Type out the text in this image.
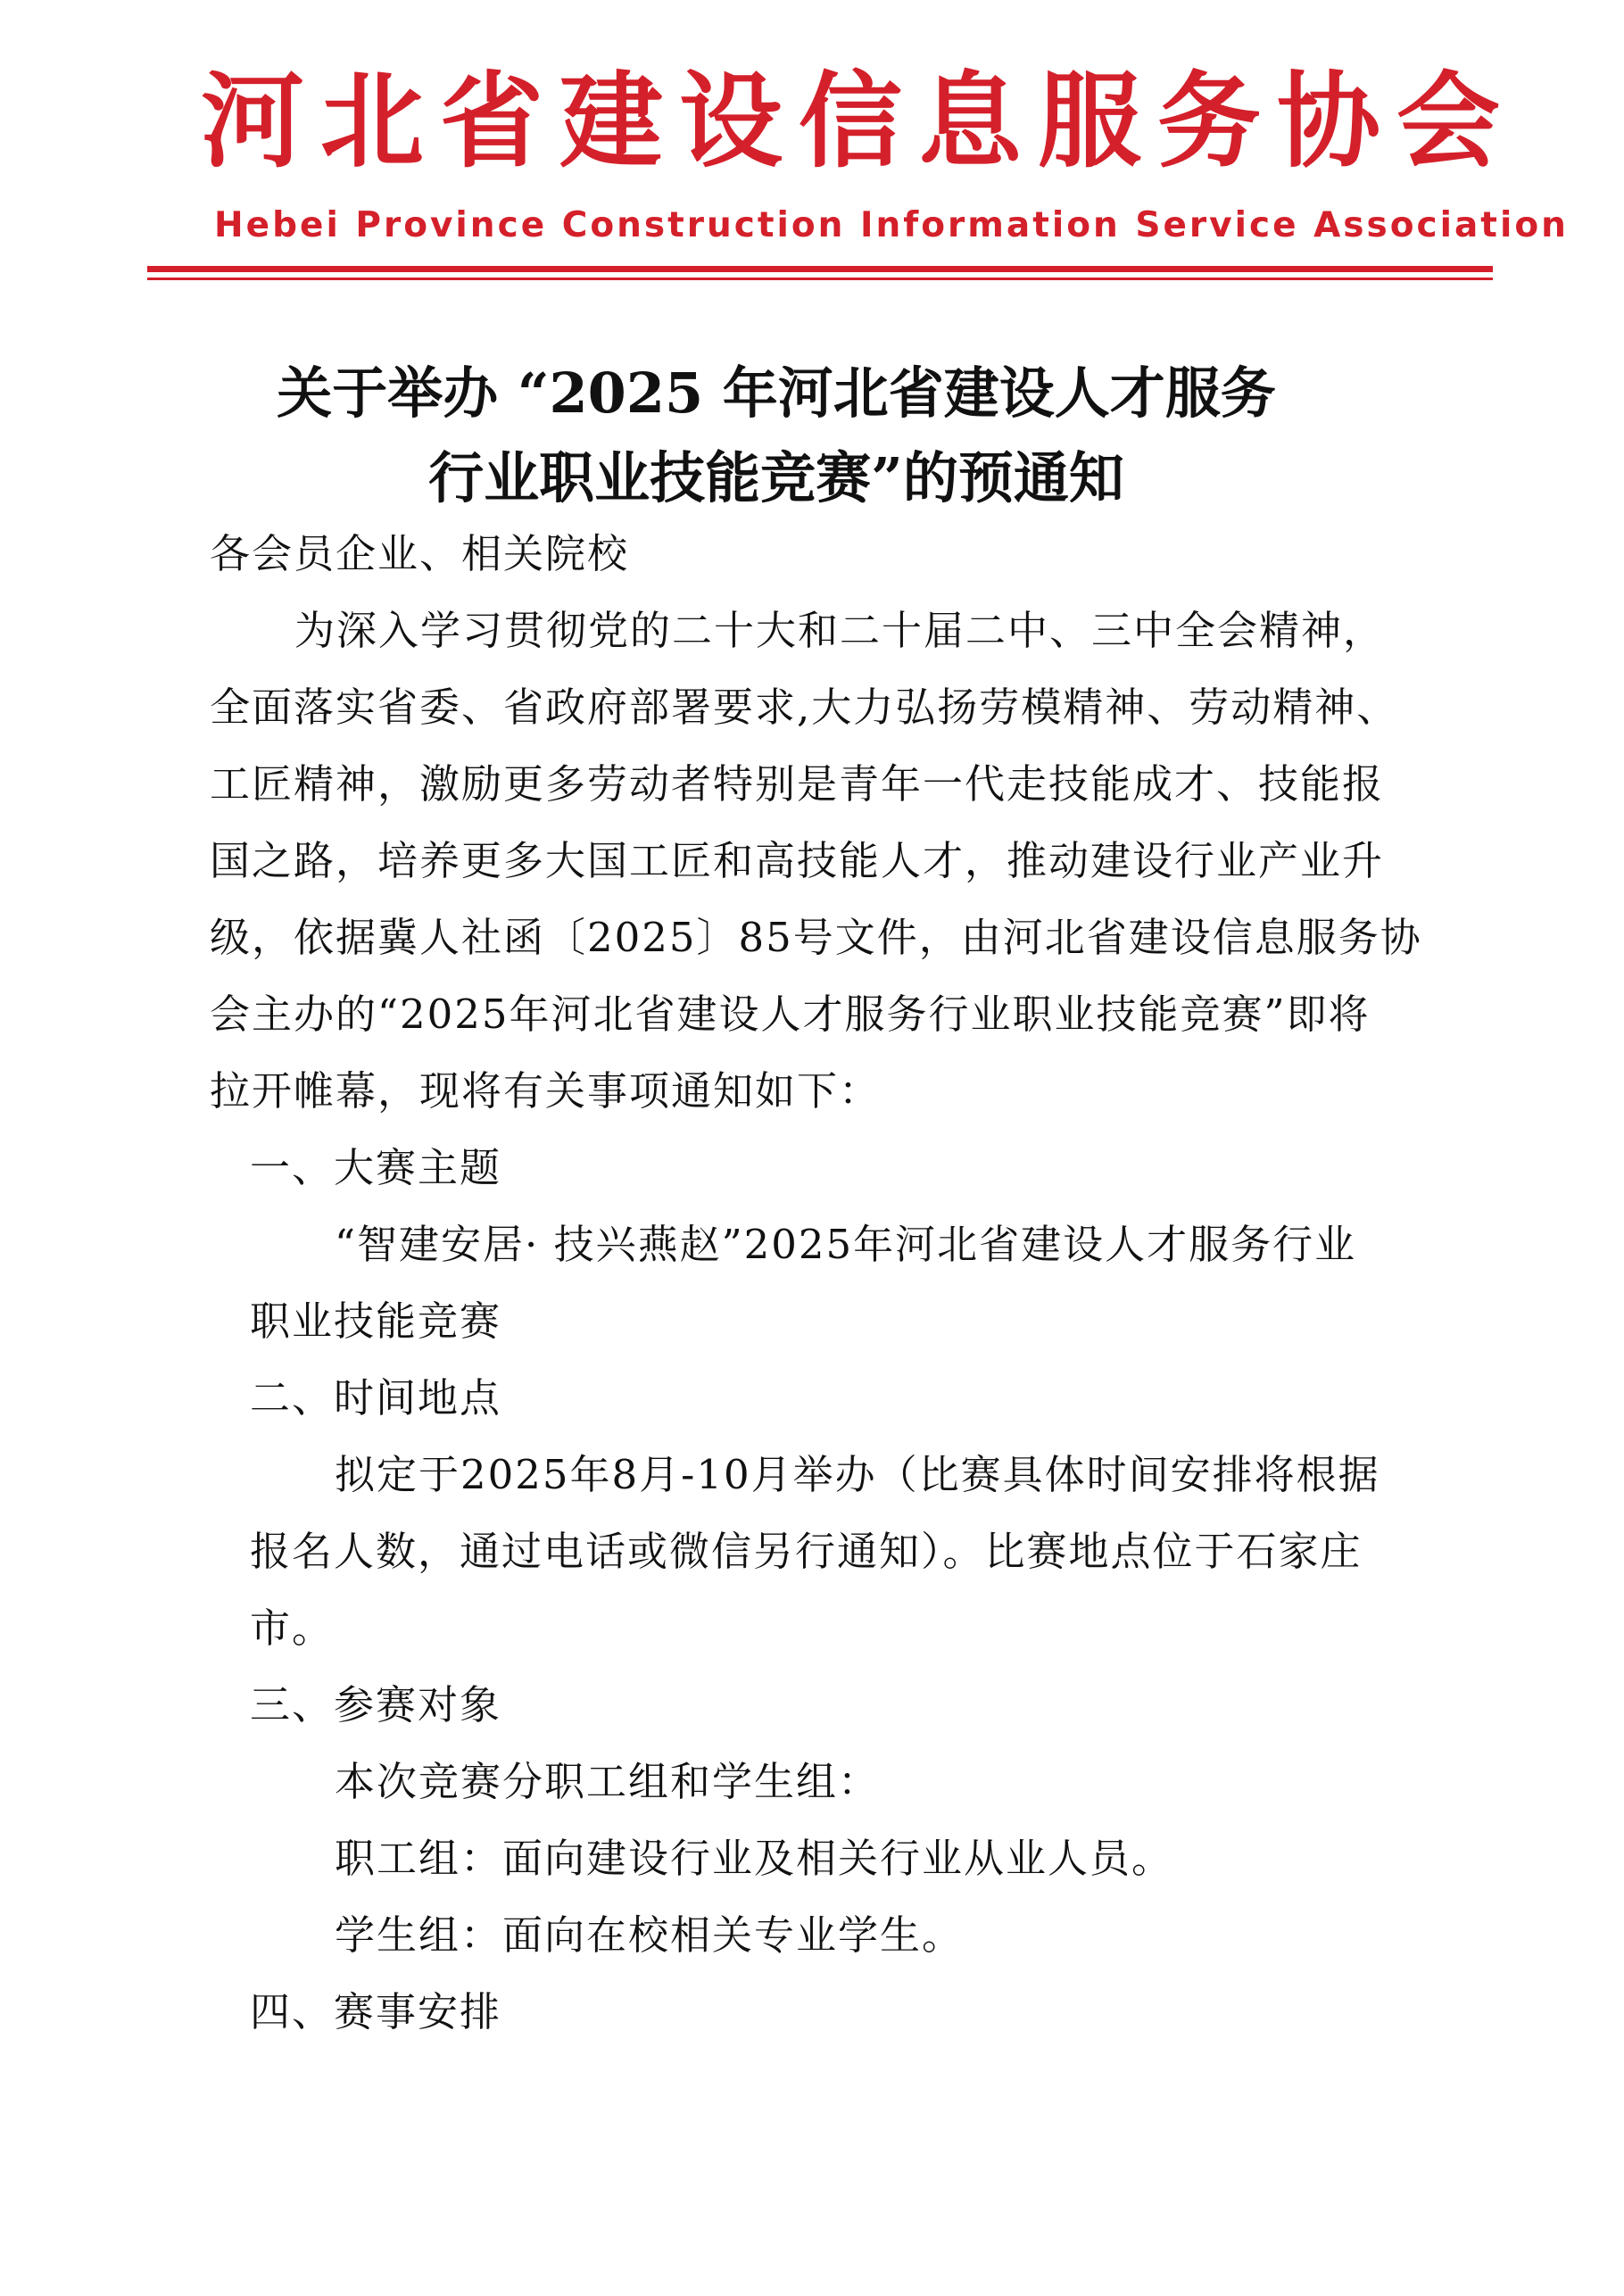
河北省建设信息服务协会
Hebei Province Construction Information Service Association
关于举办 “2025 年河北省建设人才服务
行业职业技能竞赛”的预通知
各会员企业、相关院校
为深入学习贯彻党的二十大和二十届二中、三中全会精神，
全面落实省委、省政府部署要求,大力弘扬劳模精神、劳动精神、
工匠精神，激励更多劳动者特别是青年一代走技能成才、技能报
国之路，培养更多大国工匠和高技能人才，推动建设行业产业升
级，依据冀人社函〔2025〕85号文件，由河北省建设信息服务协
会主办的“2025年河北省建设人才服务行业职业技能竞赛”即将
拉开帷幕，现将有关事项通知如下：
一、大赛主题
“智建安居· 技兴燕赵”2025年河北省建设人才服务行业
职业技能竞赛
二、时间地点
拟定于2025年8月-10月举办（比赛具体时间安排将根据
报名人数，通过电话或微信另行通知）。比赛地点位于石家庄
市。
三、参赛对象
本次竞赛分职工组和学生组：
职工组：面向建设行业及相关行业从业人员。
学生组：面向在校相关专业学生。
四、赛事安排
